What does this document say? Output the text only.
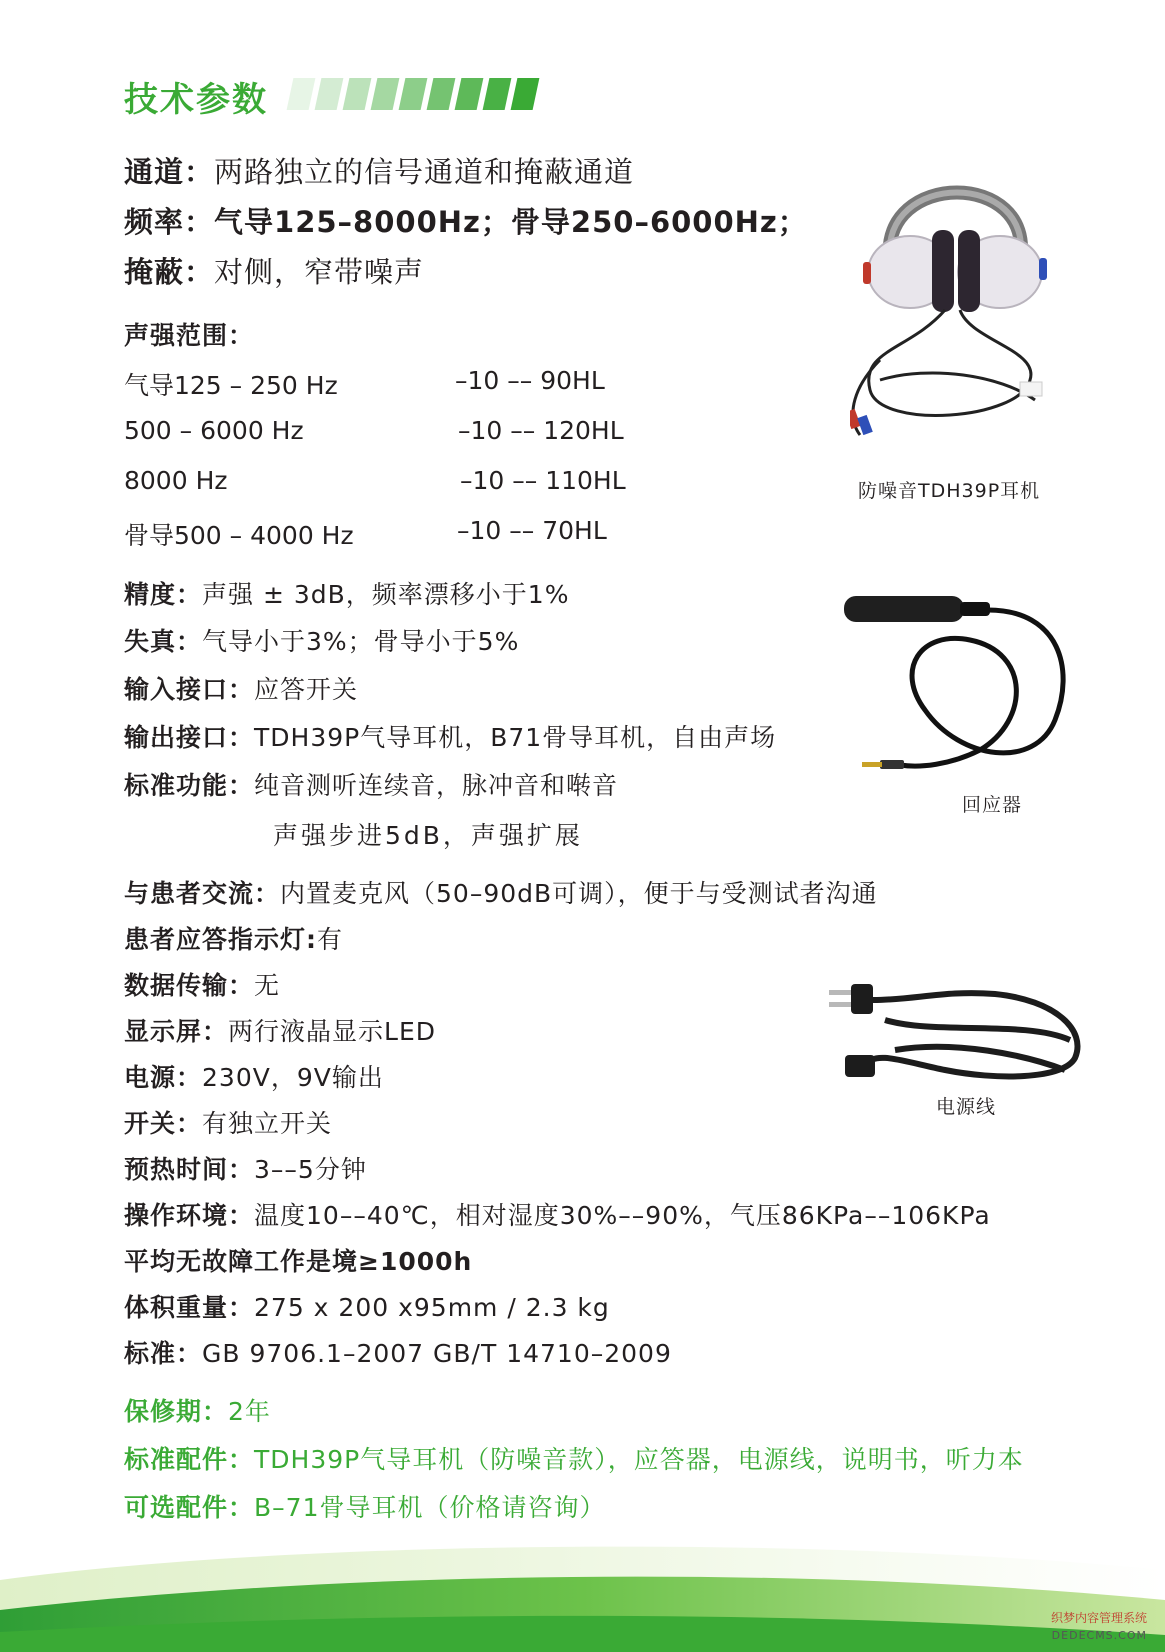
技术参数
通道：两路独立的信号通道和掩蔽通道
频率：气导125–8000Hz；骨导250–6000Hz；
掩蔽：对侧，窄带噪声
声强范围：
气导125 – 250 Hz	–10 –– 90HL
500 – 6000 Hz	–10 –– 120HL
8000 Hz	–10 –– 110HL
骨导500 – 4000 Hz	–10 –– 70HL
精度：声强 ± 3dB，频率漂移小于1%
失真：气导小于3%；骨导小于5%
输入接口：应答开关
输出接口：TDH39P气导耳机，B71骨导耳机，自由声场
标准功能：纯音测听连续音，脉冲音和啭音
声强步进5dB，声强扩展
与患者交流：内置麦克风（50–90dB可调），便于与受测试者沟通
患者应答指示灯:有
数据传输：无
显示屏：两行液晶显示LED
电源：230V，9V输出
开关：有独立开关
预热时间：3––5分钟
操作环境：温度10––40℃，相对湿度30%––90%，气压86KPa––106KPa
平均无故障工作是境≥1000h
体积重量：275 x 200 x95mm / 2.3 kg
标准：GB 9706.1–2007 GB/T 14710–2009
保修期：2年
标准配件：TDH39P气导耳机（防噪音款），应答器，电源线，说明书，听力本
可选配件：B–71骨导耳机（价格请咨询）
防噪音TDH39P耳机
回应器
电源线
织梦内容管理系统
DEDECMS.COM
